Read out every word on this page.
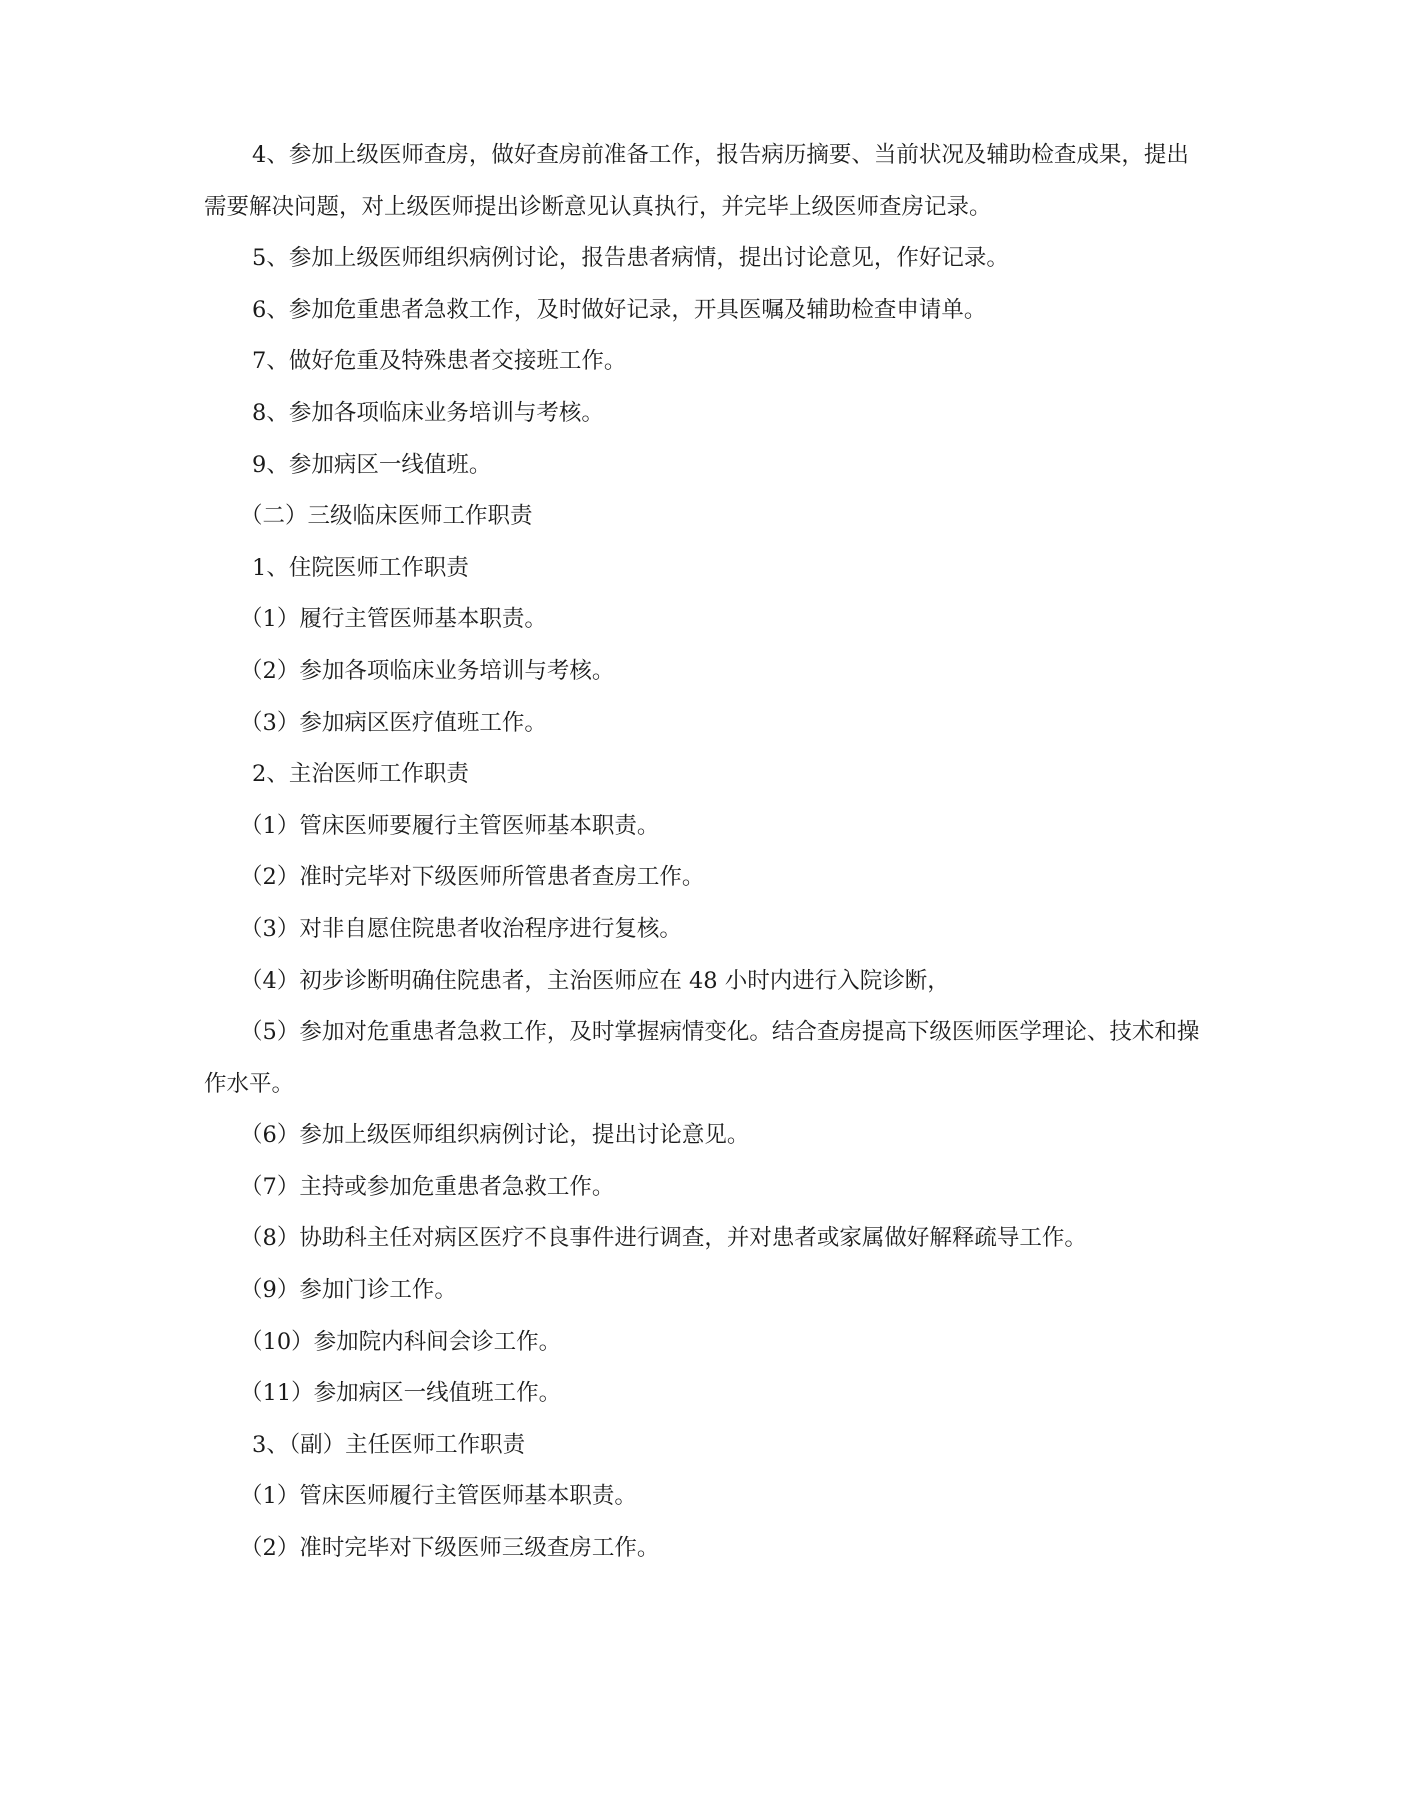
4、参加上级医师查房，做好查房前准备工作，报告病历摘要、当前状况及辅助检查成果，提出需要解决问题，对上级医师提出诊断意见认真执行，并完毕上级医师查房记录。

5、参加上级医师组织病例讨论，报告患者病情，提出讨论意见，作好记录。

6、参加危重患者急救工作，及时做好记录，开具医嘱及辅助检查申请单。

7、做好危重及特殊患者交接班工作。

8、参加各项临床业务培训与考核。

9、参加病区一线值班。

（二）三级临床医师工作职责

1、住院医师工作职责

（1）履行主管医师基本职责。

（2）参加各项临床业务培训与考核。

（3）参加病区医疗值班工作。

2、主治医师工作职责

（1）管床医师要履行主管医师基本职责。

（2）准时完毕对下级医师所管患者查房工作。

（3）对非自愿住院患者收治程序进行复核。

（4）初步诊断明确住院患者，主治医师应在 48 小时内进行入院诊断，

（5）参加对危重患者急救工作，及时掌握病情变化。结合查房提高下级医师医学理论、技术和操作水平。

（6）参加上级医师组织病例讨论，提出讨论意见。

（7）主持或参加危重患者急救工作。

（8）协助科主任对病区医疗不良事件进行调查，并对患者或家属做好解释疏导工作。

（9）参加门诊工作。

（10）参加院内科间会诊工作。

（11）参加病区一线值班工作。

3、（副）主任医师工作职责

（1）管床医师履行主管医师基本职责。

（2）准时完毕对下级医师三级查房工作。
